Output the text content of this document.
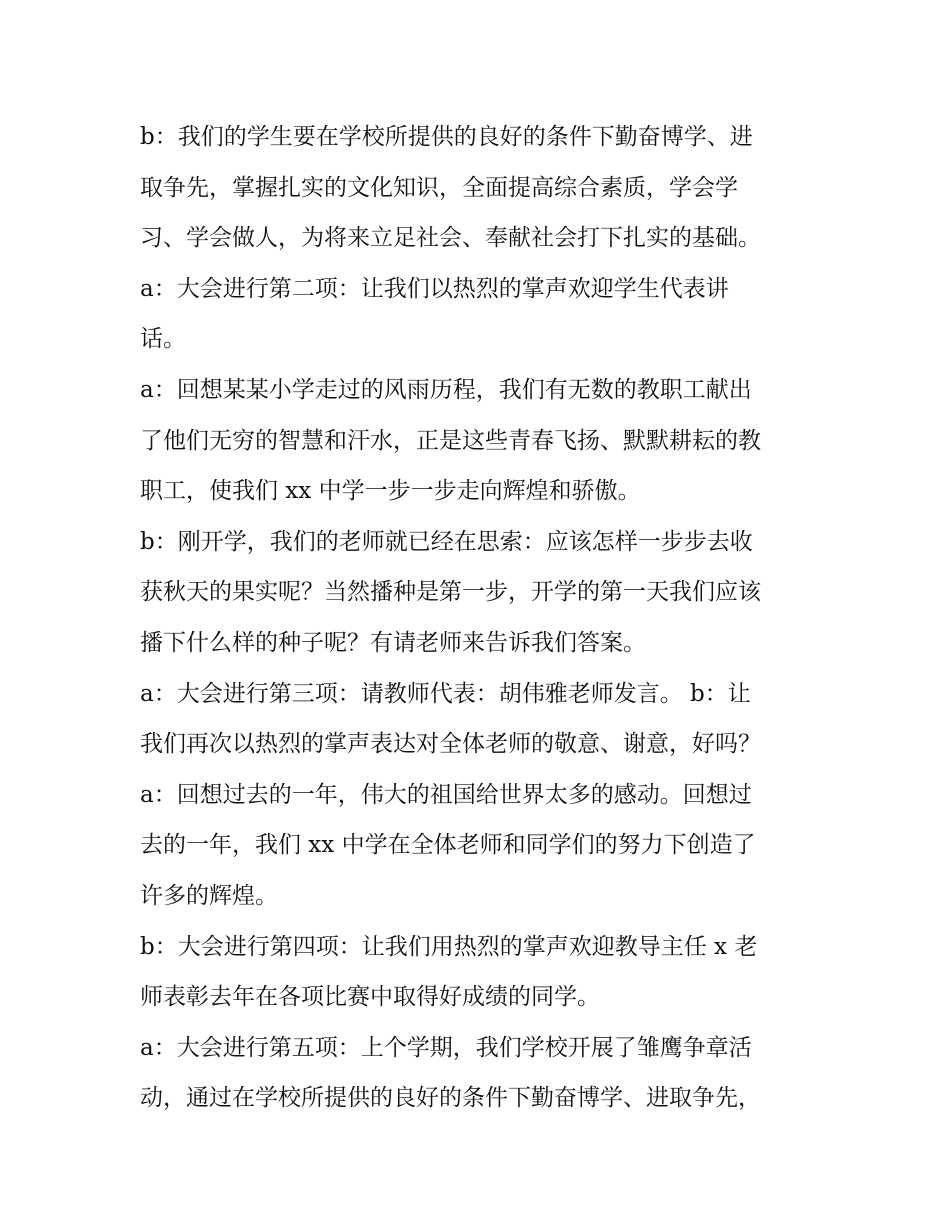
b：我们的学生要在学校所提供的良好的条件下勤奋博学、进
取争先，掌握扎实的文化知识，全面提高综合素质，学会学
习、学会做人，为将来立足社会、奉献社会打下扎实的基础。
a：大会进行第二项：让我们以热烈的掌声欢迎学生代表讲
话。
a：回想某某小学走过的风雨历程，我们有无数的教职工献出
了他们无穷的智慧和汗水，正是这些青春飞扬、默默耕耘的教
职工，使我们 xx 中学一步一步走向辉煌和骄傲。
b：刚开学，我们的老师就已经在思索：应该怎样一步步去收
获秋天的果实呢？当然播种是第一步，开学的第一天我们应该
播下什么样的种子呢？有请老师来告诉我们答案。
a：大会进行第三项：请教师代表：胡伟雅老师发言。 b：让
我们再次以热烈的掌声表达对全体老师的敬意、谢意，好吗？
a：回想过去的一年，伟大的祖国给世界太多的感动。回想过
去的一年，我们 xx 中学在全体老师和同学们的努力下创造了
许多的辉煌。
b：大会进行第四项：让我们用热烈的掌声欢迎教导主任 x 老
师表彰去年在各项比赛中取得好成绩的同学。
a：大会进行第五项：上个学期，我们学校开展了雏鹰争章活
动，通过在学校所提供的良好的条件下勤奋博学、进取争先，
